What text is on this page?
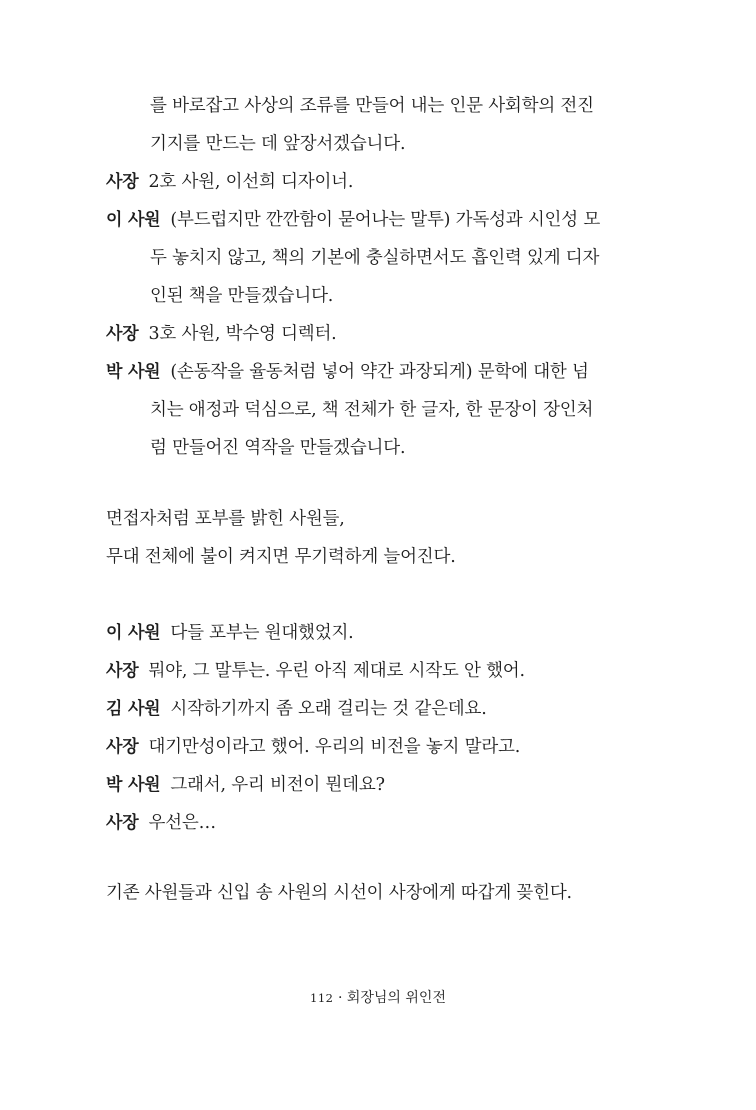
를 바로잡고 사상의 조류를 만들어 내는 인문 사회학의 전진
기지를 만드는 데 앞장서겠습니다.
사장 2호 사원, 이선희 디자이너.
이 사원 (부드럽지만 깐깐함이 묻어나는 말투) 가독성과 시인성 모
두 놓치지 않고, 책의 기본에 충실하면서도 흡인력 있게 디자
인된 책을 만들겠습니다.
사장 3호 사원, 박수영 디렉터.
박 사원 (손동작을 율동처럼 넣어 약간 과장되게) 문학에 대한 넘
치는 애정과 덕심으로, 책 전체가 한 글자, 한 문장이 장인처
럼 만들어진 역작을 만들겠습니다.
면접자처럼 포부를 밝힌 사원들,
무대 전체에 불이 켜지면 무기력하게 늘어진다.
이 사원 다들 포부는 원대했었지.
사장 뭐야, 그 말투는. 우린 아직 제대로 시작도 안 했어.
김 사원 시작하기까지 좀 오래 걸리는 것 같은데요.
사장 대기만성이라고 했어. 우리의 비전을 놓지 말라고.
박 사원 그래서, 우리 비전이 뭔데요?
사장 우선은…
기존 사원들과 신입 송 사원의 시선이 사장에게 따갑게 꽂힌다.
112 · 회장님의 위인전
